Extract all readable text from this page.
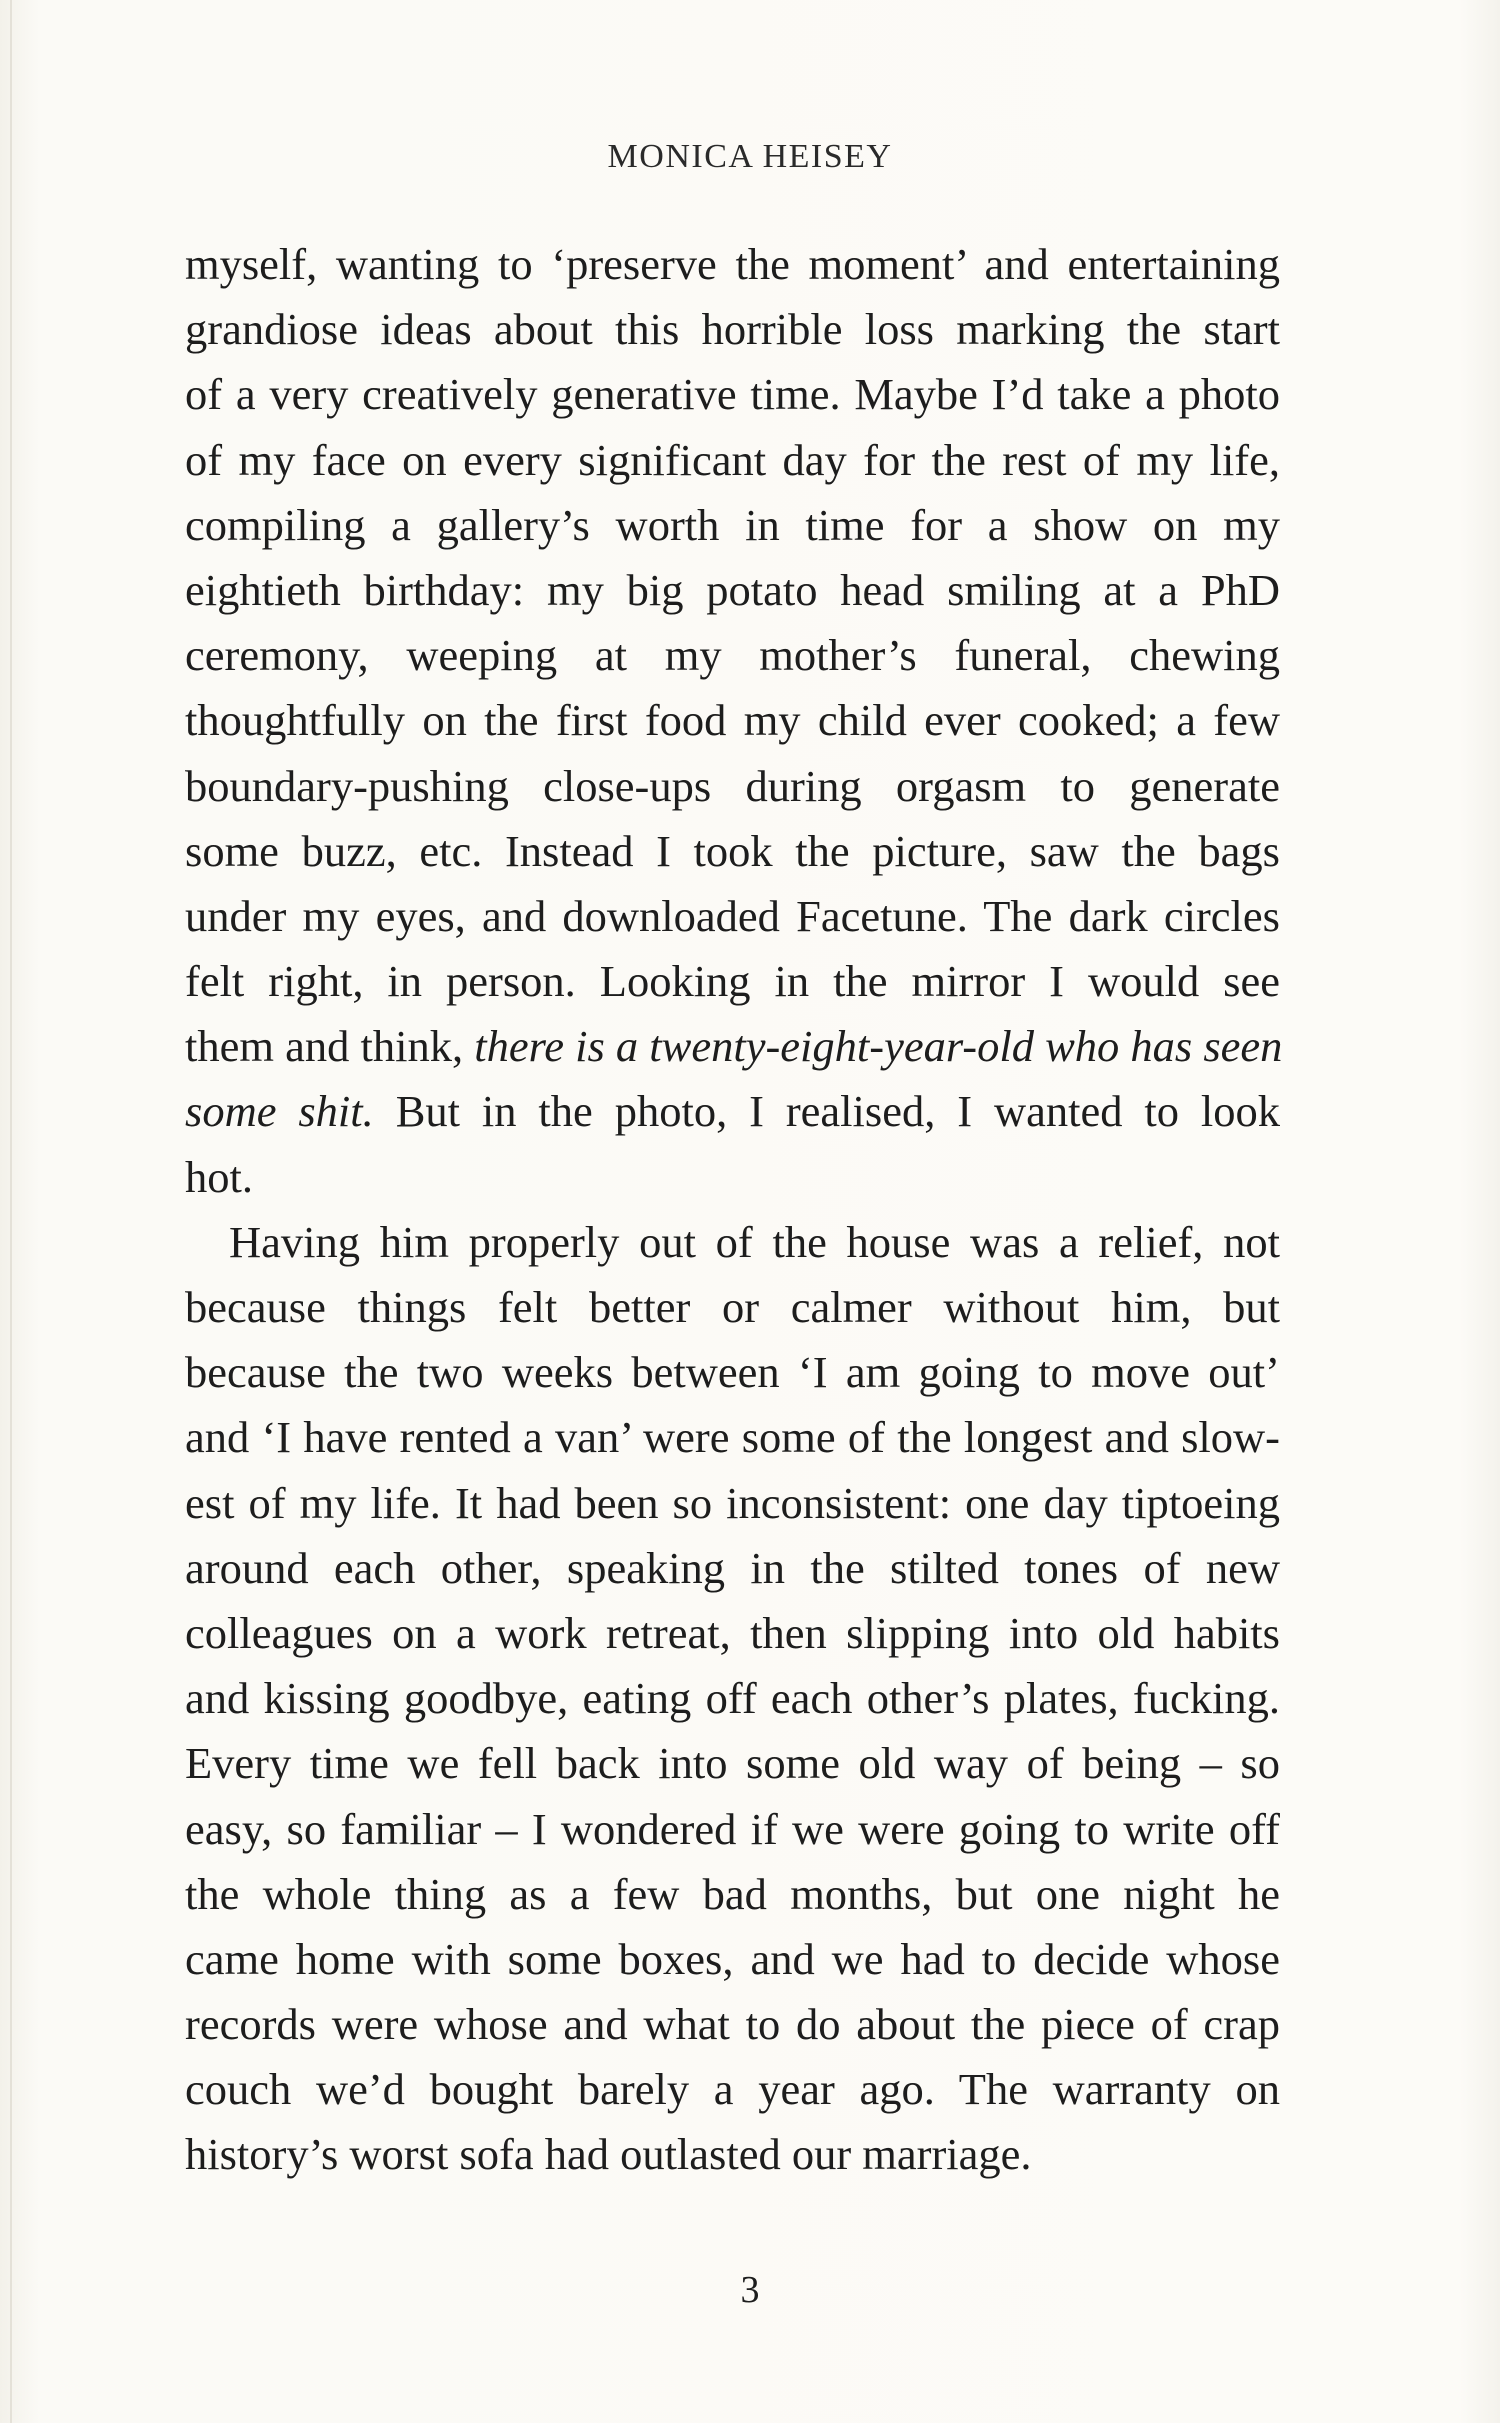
MONICA HEISEY

myself, wanting to ‘preserve the moment’ and entertaining
grandiose ideas about this horrible loss marking the start
of a very creatively generative time. Maybe I’d take a photo
of my face on every significant day for the rest of my life,
compiling a gallery’s worth in time for a show on my
eightieth birthday: my big potato head smiling at a PhD
ceremony, weeping at my mother’s funeral, chewing
thoughtfully on the first food my child ever cooked; a few
boundary-pushing close-ups during orgasm to generate
some buzz, etc. Instead I took the picture, saw the bags
under my eyes, and downloaded Facetune. The dark circles
felt right, in person. Looking in the mirror I would see
them and think, there is a twenty-eight-year-old who has seen
some shit. But in the photo, I realised, I wanted to look
hot.

Having him properly out of the house was a relief, not
because things felt better or calmer without him, but
because the two weeks between ‘I am going to move out’
and ‘I have rented a van’ were some of the longest and slow-
est of my life. It had been so inconsistent: one day tiptoeing
around each other, speaking in the stilted tones of new
colleagues on a work retreat, then slipping into old habits
and kissing goodbye, eating off each other’s plates, fucking.
Every time we fell back into some old way of being – so
easy, so familiar – I wondered if we were going to write off
the whole thing as a few bad months, but one night he
came home with some boxes, and we had to decide whose
records were whose and what to do about the piece of crap
couch we’d bought barely a year ago. The warranty on
history’s worst sofa had outlasted our marriage.

3
